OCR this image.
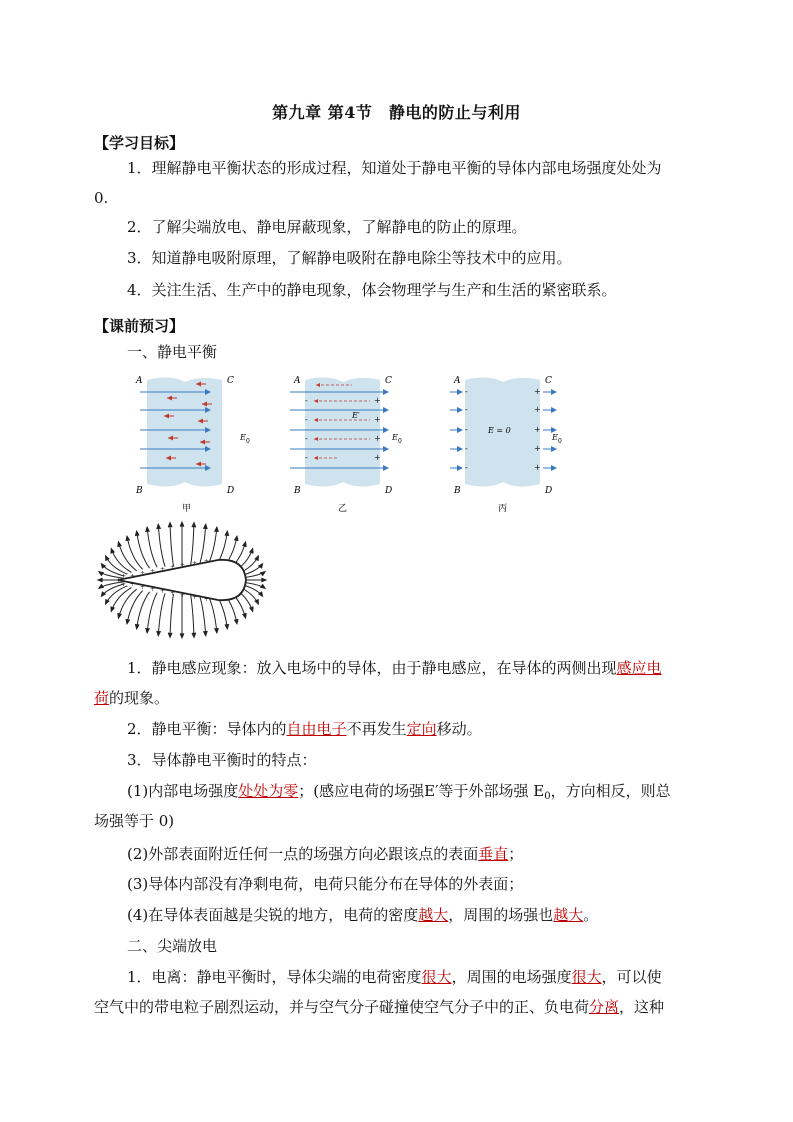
第九章 第4节　静电的防止与利用
【学习目标】
1．理解静电平衡状态的形成过程，知道处于静电平衡的导体内部电场强度处处为
0.
2．了解尖端放电、静电屏蔽现象，了解静电的防止的原理。
3．知道静电吸附原理，了解静电吸附在静电除尘等技术中的应用。
4．关注生活、生产中的静电现象，体会物理学与生产和生活的紧密联系。
【课前预习】
一、静电平衡
A	C
B	D
E 0
甲
-
-
-
-
+
+
+
+
E′
A	C
B	D
E 0
乙
-
-
-
-
-
+
+
+
+
+
E = 0
A	C
B	D
E 0
丙
+ + + + + + + +
+ + + + + + + +
+
+
+
1．静电感应现象：放入电场中的导体，由于静电感应，在导体的两侧出现感应电
荷的现象。
2．静电平衡：导体内的自由电子不再发生定向移动。
3．导体静电平衡时的特点：
(1)内部电场强度处处为零；(感应电荷的场强E′等于外部场强 $E_0$，方向相反，则总
场强等于 0)
(2)外部表面附近任何一点的场强方向必跟该点的表面垂直；
(3)导体内部没有净剩电荷，电荷只能分布在导体的外表面；
(4)在导体表面越是尖锐的地方，电荷的密度越大，周围的场强也越大。
二、尖端放电
1．电离：静电平衡时，导体尖端的电荷密度很大，周围的电场强度很大，可以使
空气中的带电粒子剧烈运动，并与空气分子碰撞使空气分子中的正、负电荷分离，这种
